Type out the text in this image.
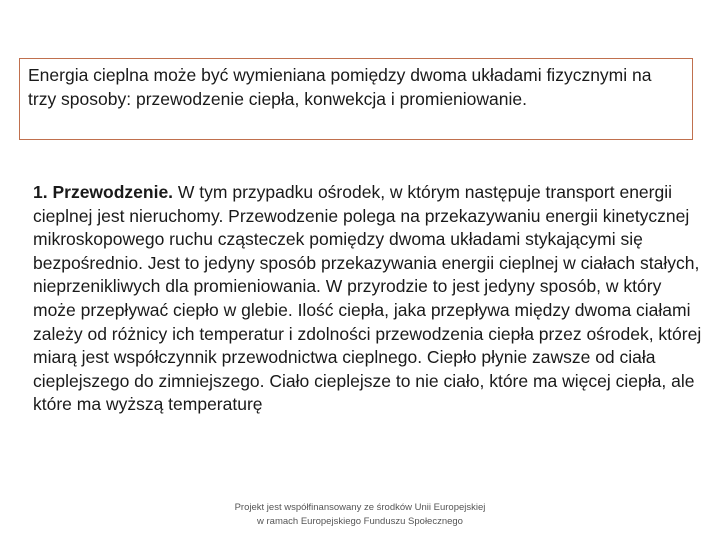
Energia cieplna może być wymieniana pomiędzy dwoma układami fizycznymi na trzy sposoby: przewodzenie ciepła, konwekcja i promieniowanie.

1. Przewodzenie. W tym przypadku ośrodek, w którym następuje transport energii cieplnej jest nieruchomy. Przewodzenie polega na przekazywaniu energii kinetycznej mikroskopowego ruchu cząsteczek pomiędzy dwoma układami stykającymi się bezpośrednio. Jest to jedyny sposób przekazywania energii cieplnej w ciałach stałych, nieprzenikliwych dla promieniowania. W przyrodzie to jest jedyny sposób, w który może przepływać ciepło w glebie. Ilość ciepła, jaka przepływa między dwoma ciałami zależy od różnicy ich temperatur i zdolności przewodzenia ciepła przez ośrodek, której miarą jest współczynnik przewodnictwa cieplnego. Ciepło płynie zawsze od ciała cieplejszego do zimniejszego. Ciało cieplejsze to nie ciało, które ma więcej ciepła, ale które ma wyższą temperaturę

Projekt jest współfinansowany ze środków Unii Europejskiej
w ramach Europejskiego Funduszu Społecznego
